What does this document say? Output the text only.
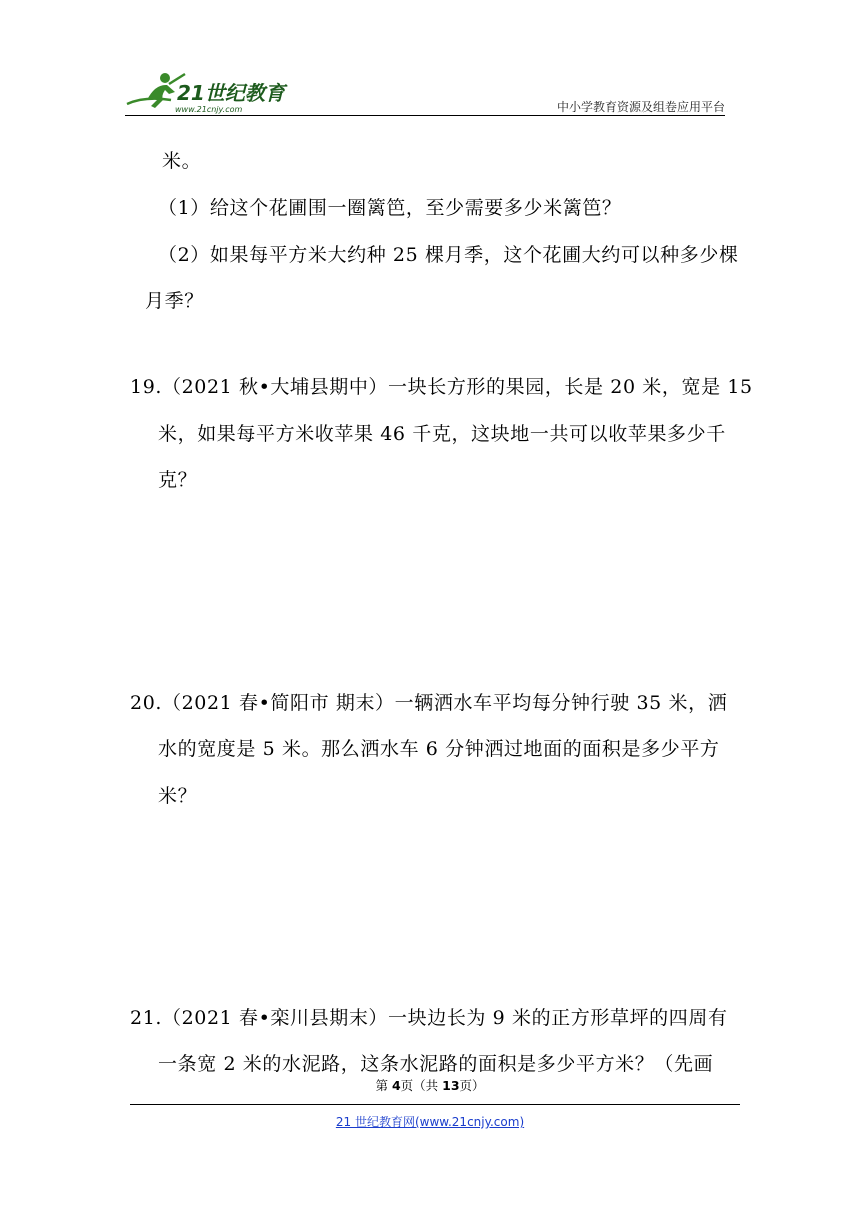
21世纪教育
www.21cnjy.com	中小学教育资源及组卷应用平台
米。
（1）给这个花圃围一圈篱笆，至少需要多少米篱笆？
（2）如果每平方米大约种 25 棵月季，这个花圃大约可以种多少棵
月季？
19.（2021 秋•大埔县期中）一块长方形的果园，长是 20 米，宽是 15
米，如果每平方米收苹果 46 千克，这块地一共可以收苹果多少千
克？
20.（2021 春•简阳市 期末）一辆洒水车平均每分钟行驶 35 米，洒
水的宽度是 5 米。那么洒水车 6 分钟洒过地面的面积是多少平方
米？
21.（2021 春•栾川县期末）一块边长为 9 米的正方形草坪的四周有
一条宽 2 米的水泥路，这条水泥路的面积是多少平方米？（先画
第 4页（共 13页）
21 世纪教育网(www.21cnjy.com)
